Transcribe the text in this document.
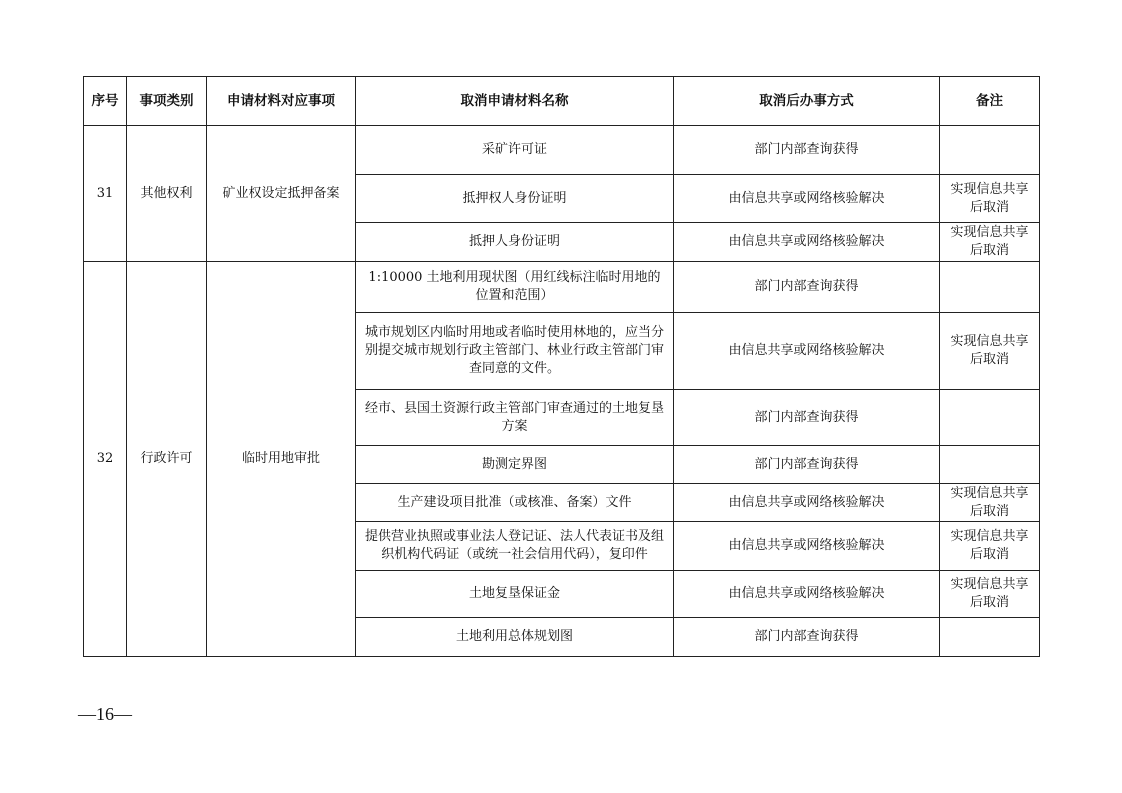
序号	事项类别	申请材料对应事项	取消申请材料名称	取消后办事方式	备注
31	其他权利	矿业权设定抵押备案	采矿许可证	部门内部查询获得	
			抵押权人身份证明	由信息共享或网络核验解决	实现信息共享后取消
			抵押人身份证明	由信息共享或网络核验解决	实现信息共享后取消
32	行政许可	临时用地审批	1:10000 土地利用现状图（用红线标注临时用地的位置和范围）	部门内部查询获得	
			城市规划区内临时用地或者临时使用林地的，应当分别提交城市规划行政主管部门、林业行政主管部门审查同意的文件。	由信息共享或网络核验解决	实现信息共享后取消
			经市、县国土资源行政主管部门审查通过的土地复垦方案	部门内部查询获得	
			勘测定界图	部门内部查询获得	
			生产建设项目批准（或核准、备案）文件	由信息共享或网络核验解决	实现信息共享后取消
			提供营业执照或事业法人登记证、法人代表证书及组织机构代码证（或统一社会信用代码），复印件	由信息共享或网络核验解决	实现信息共享后取消
			土地复垦保证金	由信息共享或网络核验解决	实现信息共享后取消
			土地利用总体规划图	部门内部查询获得	
—16—
